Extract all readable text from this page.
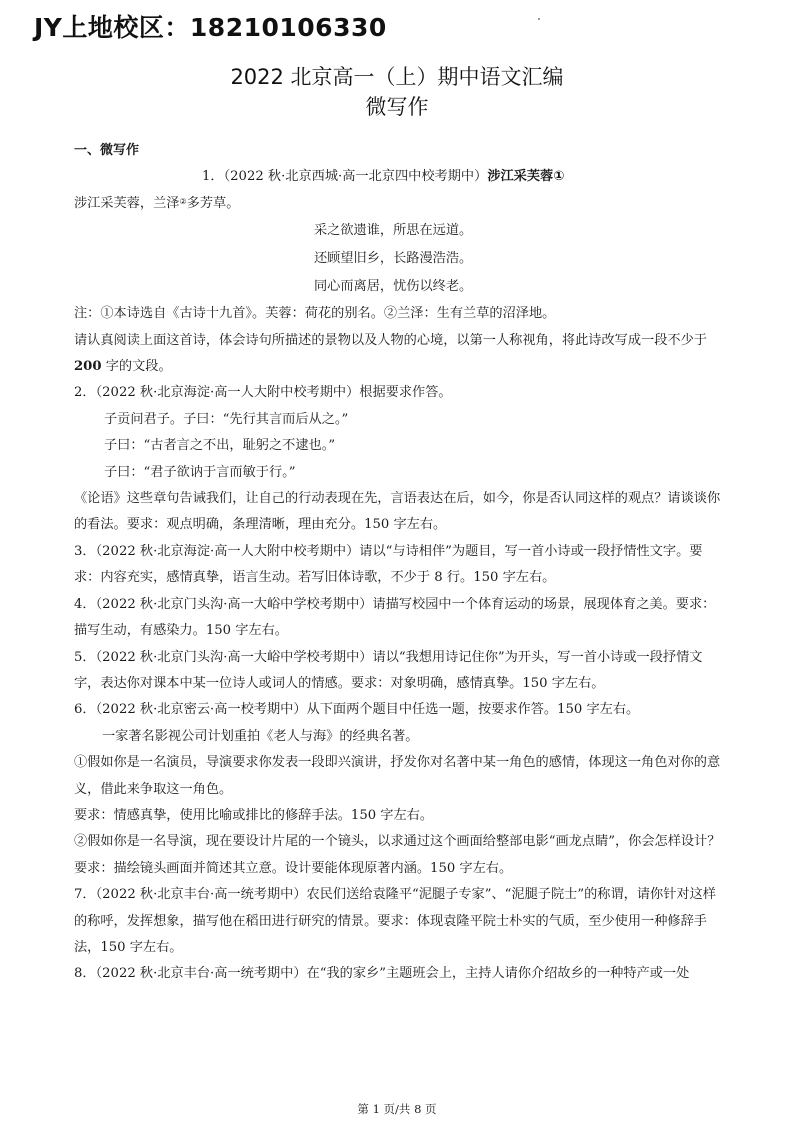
JY上地校区：18210106330
2022 北京高一（上）期中语文汇编
微写作

一、微写作

1．（2022 秋·北京西城·高一北京四中校考期中）涉江采芙蓉①

涉江采芙蓉，兰泽②多芳草。

采之欲遗谁，所思在远道。

还顾望旧乡，长路漫浩浩。

同心而离居，忧伤以终老。

注：①本诗选自《古诗十九首》。芙蓉：荷花的别名。②兰泽：生有兰草的沼泽地。

请认真阅读上面这首诗，体会诗句所描述的景物以及人物的心境，以第一人称视角，将此诗改写成一段不少于 200 字的文段。

2．（2022 秋·北京海淀·高一人大附中校考期中）根据要求作答。

子贡问君子。子曰：“先行其言而后从之。”

子曰：“古者言之不出，耻躬之不逮也。”

子曰：“君子欲讷于言而敏于行。”

《论语》这些章句告诫我们，让自己的行动表现在先，言语表达在后，如今，你是否认同这样的观点？请谈谈你的看法。要求：观点明确，条理清晰，理由充分。150 字左右。

3．（2022 秋·北京海淀·高一人大附中校考期中）请以“与诗相伴”为题目，写一首小诗或一段抒情性文字。要求：内容充实，感情真挚，语言生动。若写旧体诗歌，不少于 8 行。150 字左右。

4．（2022 秋·北京门头沟·高一大峪中学校考期中）请描写校园中一个体育运动的场景，展现体育之美。要求：描写生动，有感染力。150 字左右。

5．（2022 秋·北京门头沟·高一大峪中学校考期中）请以“我想用诗记住你”为开头，写一首小诗或一段抒情文字，表达你对课本中某一位诗人或词人的情感。要求：对象明确，感情真挚。150 字左右。

6．（2022 秋·北京密云·高一校考期中）从下面两个题目中任选一题，按要求作答。150 字左右。

一家著名影视公司计划重拍《老人与海》的经典名著。

①假如你是一名演员，导演要求你发表一段即兴演讲，抒发你对名著中某一角色的感情，体现这一角色对你的意义，借此来争取这一角色。

要求：情感真挚，使用比喻或排比的修辞手法。150 字左右。

②假如你是一名导演，现在要设计片尾的一个镜头，以求通过这个画面给整部电影“画龙点睛”，你会怎样设计？

要求：描绘镜头画面并简述其立意。设计要能体现原著内涵。150 字左右。

7．（2022 秋·北京丰台·高一统考期中）农民们送给袁隆平“泥腿子专家”、“泥腿子院士”的称谓，请你针对这样的称呼，发挥想象，描写他在稻田进行研究的情景。要求：体现袁隆平院士朴实的气质，至少使用一种修辞手法，150 字左右。

8．（2022 秋·北京丰台·高一统考期中）在“我的家乡”主题班会上，主持人请你介绍故乡的一种特产或一处

第 1 页/共 8 页
